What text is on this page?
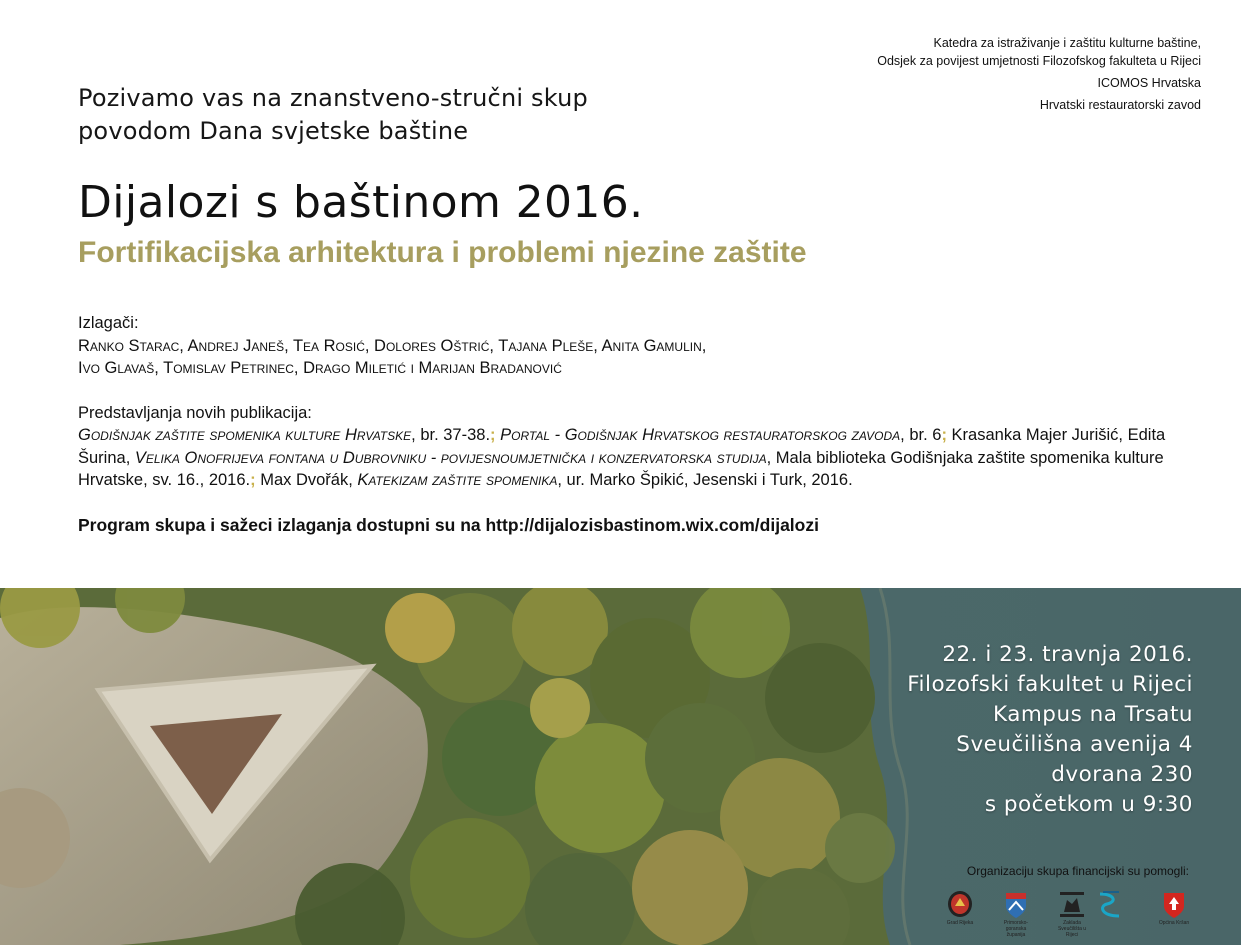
Katedra za istraživanje i zaštitu kulturne baštine,
Odsjek za povijest umjetnosti Filozofskog fakulteta u Rijeci
ICOMOS Hrvatska
Hrvatski restauratorski zavod
Pozivamo vas na znanstveno-stručni skup
povodom Dana svjetske baštine
Dijalozi s baštinom 2016.
Fortifikacijska arhitektura i problemi njezine zaštite

Izlagači:

Ranko Starac, Andrej Janeš, Tea Rosić, Dolores Oštrić, Tajana Pleše, Anita Gamulin,

Ivo Glavaš, Tomislav Petrinec, Drago Miletić i Marijan Bradanović

Predstavljanja novih publikacija:

Godišnjak zaštite spomenika kulture Hrvatske, br. 37-38.; Portal - Godišnjak Hrvatskog restauratorskog zavoda, br. 6; Krasanka Majer Jurišić, Edita Šurina, Velika Onofrijeva fontana u Dubrovniku - povijesnoumjetnička i konzervatorska studija, Mala biblioteka Godišnjaka zaštite spomenika kulture Hrvatske, sv. 16., 2016.; Max Dvořák, Katekizam zaštite spomenika, ur. Marko Špikić, Jesenski i Turk, 2016.

Program skupa i sažeci izlaganja dostupni su na http://dijalozisbastinom.wix.com/dijalozi

22. i 23. travnja 2016.
Filozofski fakultet u Rijeci
Kampus na Trsatu
Sveučilišna avenija 4
dvorana 230
s početkom u 9:30
Organizaciju skupa financijski su pomogli:
Grad Rijeka	Primorsko-goranska županija
Zaklada Sveučilišta u Rijeci
Općina Kršan
